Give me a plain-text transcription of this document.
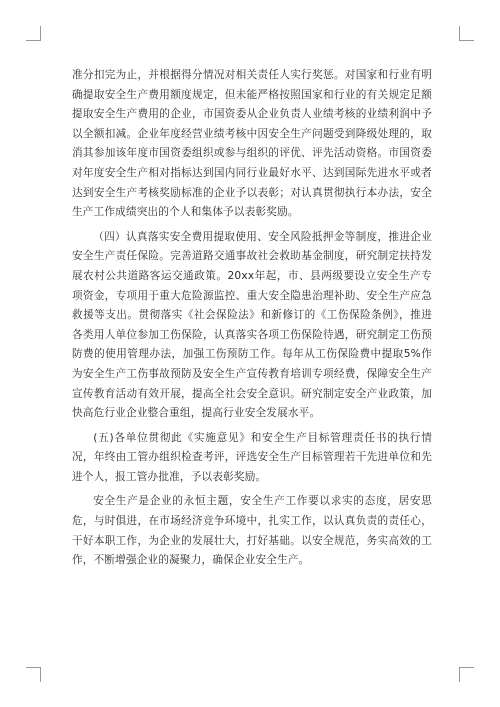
准分扣完为止，并根据得分情况对相关责任人实行奖惩。对国家和行业有明确提取安全生产费用额度规定，但未能严格按照国家和行业的有关规定足额提取安全生产费用的企业，市国资委从企业负责人业绩考核的业绩利润中予以全额扣减。企业年度经营业绩考核中因安全生产问题受到降级处理的，取消其参加该年度市国资委组织或参与组织的评优、评先活动资格。市国资委对年度安全生产相对指标达到国内同行业最好水平、达到国际先进水平或者达到安全生产考核奖励标准的企业予以表彰；对认真贯彻执行本办法，安全生产工作成绩突出的个人和集体予以表彰奖励。

（四）认真落实安全费用提取使用、安全风险抵押金等制度，推进企业安全生产责任保险。完善道路交通事故社会救助基金制度，研究制定扶持发展农村公共道路客运交通政策。20xx年起，市、县两级要设立安全生产专项资金，专项用于重大危险源监控、重大安全隐患治理补助、安全生产应急救援等支出。贯彻落实《社会保险法》和新修订的《工伤保险条例》，推进各类用人单位参加工伤保险，认真落实各项工伤保险待遇，研究制定工伤预防费的使用管理办法，加强工伤预防工作。每年从工伤保险费中提取5%作为安全生产工伤事故预防及安全生产宣传教育培训专项经费，保障安全生产宣传教育活动有效开展，提高全社会安全意识。研究制定安全产业政策，加快高危行业企业整合重组，提高行业安全发展水平。

(五)各单位贯彻此《实施意见》和安全生产目标管理责任书的执行情况，年终由工管办组织检查考评，评选安全生产目标管理若干先进单位和先进个人，报工管办批准，予以表彰奖励。

安全生产是企业的永恒主题，安全生产工作要以求实的态度，居安思危，与时俱进，在市场经济竞争环境中，扎实工作，以认真负责的责任心，干好本职工作，为企业的发展壮大，打好基础。以安全规范，务实高效的工作，不断增强企业的凝聚力，确保企业安全生产。
